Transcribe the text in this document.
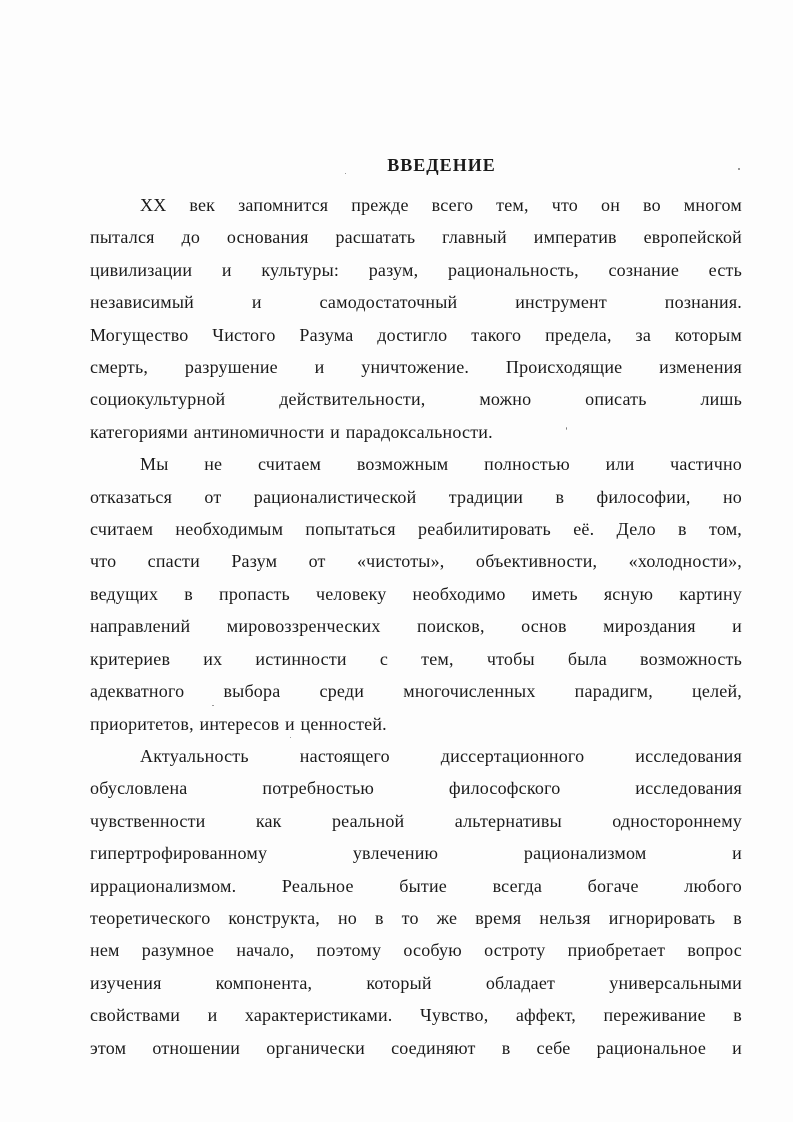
ВВЕДЕНИЕ
XX век запомнится прежде всего тем, что он во многом
пытался до основания расшатать главный императив европейской
цивилизации и культуры: разум, рациональность, сознание есть
независимый и самодостаточный инструмент познания.
Могущество Чистого Разума достигло такого предела, за которым
смерть, разрушение и уничтожение. Происходящие изменения
социокультурной действительности, можно описать лишь
категориями антиномичности и парадоксальности.
Мы не считаем возможным полностью или частично
отказаться от рационалистической традиции в философии, но
считаем необходимым попытаться реабилитировать её. Дело в том,
что спасти Разум от «чистоты», объективности, «холодности»,
ведущих в пропасть человеку необходимо иметь ясную картину
направлений мировоззренческих поисков, основ мироздания и
критериев их истинности с тем, чтобы была возможность
адекватного выбора среди многочисленных парадигм, целей,
приоритетов, интересов и ценностей.
Актуальность настоящего диссертационного исследования
обусловлена потребностью философского исследования
чувственности как реальной альтернативы одностороннему
гипертрофированному увлечению рационализмом и
иррационализмом. Реальное бытие всегда богаче любого
теоретического конструкта, но в то же время нельзя игнорировать в
нем разумное начало, поэтому особую остроту приобретает вопрос
изучения компонента, который обладает универсальными
свойствами и характеристиками. Чувство, аффект, переживание в
этом отношении органически соединяют в себе рациональное и
